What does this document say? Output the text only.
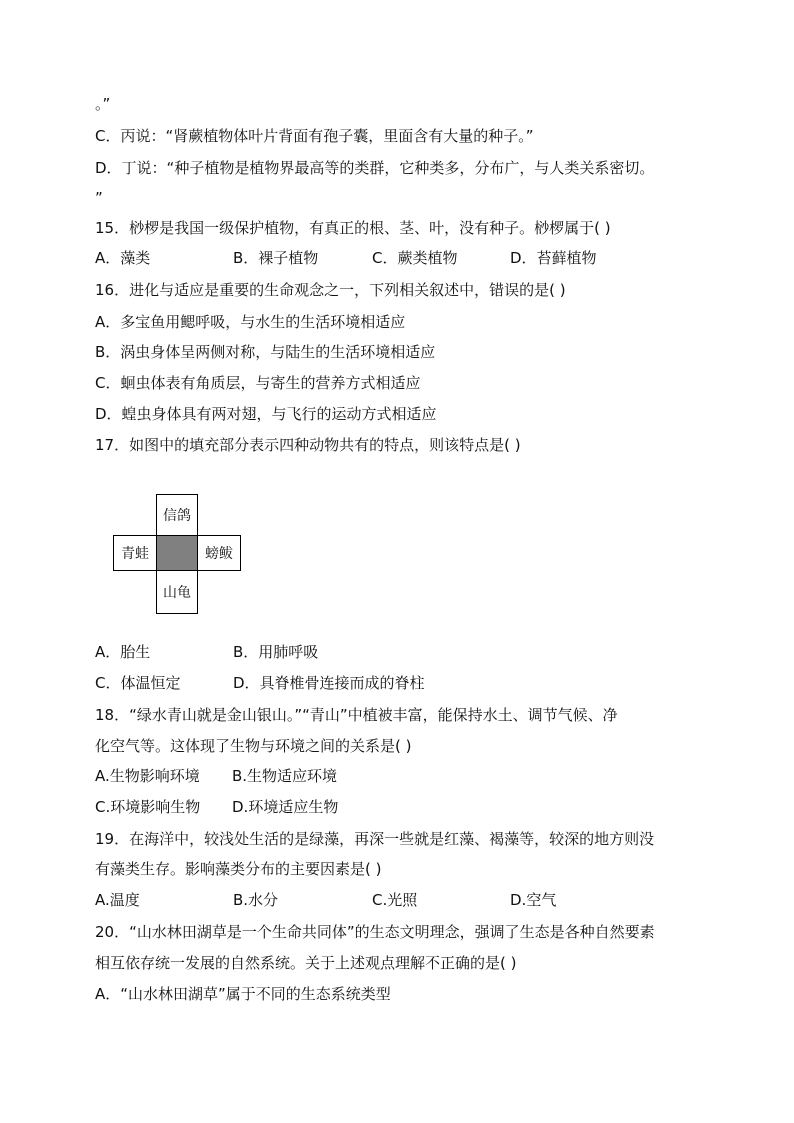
。”
C．丙说：“肾蕨植物体叶片背面有孢子囊，里面含有大量的种子。”
D．丁说：“种子植物是植物界最高等的类群，它种类多，分布广，与人类关系密切。
”
15．桫椤是我国一级保护植物，有真正的根、茎、叶，没有种子。桫椤属于( )
A．藻类	B．裸子植物	C．蕨类植物	D．苔藓植物
16．进化与适应是重要的生命观念之一，下列相关叙述中，错误的是( )
A．多宝鱼用鳃呼吸，与水生的生活环境相适应
B．涡虫身体呈两侧对称，与陆生的生活环境相适应
C．蛔虫体表有角质层，与寄生的营养方式相适应
D．蝗虫身体具有两对翅，与飞行的运动方式相适应
17．如图中的填充部分表示四种动物共有的特点，则该特点是( )
信鸽
青蛙	螃鲅
山龟
A．胎生	B．用肺呼吸
C．体温恒定	D．具脊椎骨连接而成的脊柱
18．“绿水青山就是金山银山。”“青山”中植被丰富，能保持水土、调节气候、净
化空气等。这体现了生物与环境之间的关系是( )
A.生物影响环境 B.生物适应环境
C.环境影响生物 D.环境适应生物
19．在海洋中，较浅处生活的是绿藻，再深一些就是红藻、褐藻等，较深的地方则没
有藻类生存。影响藻类分布的主要因素是( )
A.温度	B.水分	C.光照	D.空气
20．“山水林田湖草是一个生命共同体”的生态文明理念，强调了生态是各种自然要素
相互依存统一发展的自然系统。关于上述观点理解不正确的是( )
A．“山水林田湖草”属于不同的生态系统类型
